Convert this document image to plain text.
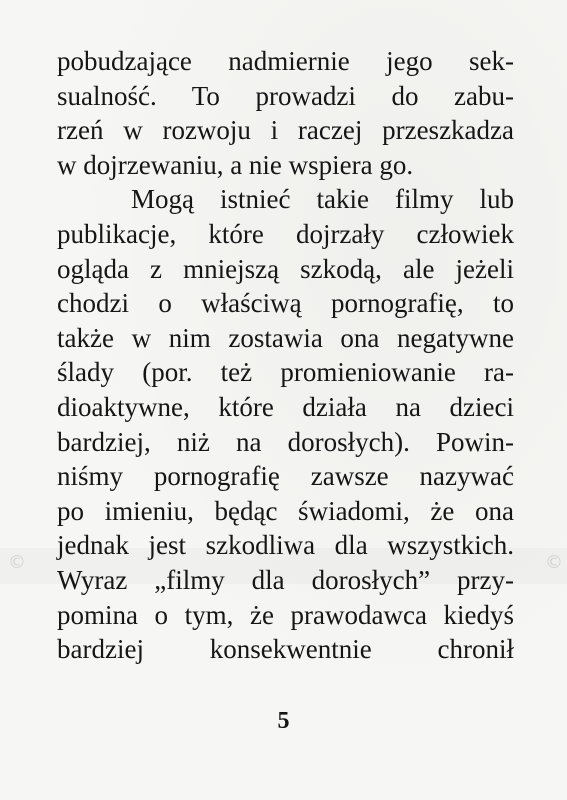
©	©
pobudzające nadmiernie jego sek-
sualność. To prowadzi do zabu-
rzeń w rozwoju i raczej przeszkadza
w dojrzewaniu, a nie wspiera go.
Mogą istnieć takie filmy lub
publikacje, które dojrzały człowiek
ogląda z mniejszą szkodą, ale jeżeli
chodzi o właściwą pornografię, to
także w nim zostawia ona negatywne
ślady (por. też promieniowanie ra-
dioaktywne, które działa na dzieci
bardziej, niż na dorosłych). Powin-
niśmy pornografię zawsze nazywać
po imieniu, będąc świadomi, że ona
jednak jest szkodliwa dla wszystkich.
Wyraz „filmy dla dorosłych” przy-
pomina o tym, że prawodawca kiedyś
bardziej konsekwentnie chronił
5
